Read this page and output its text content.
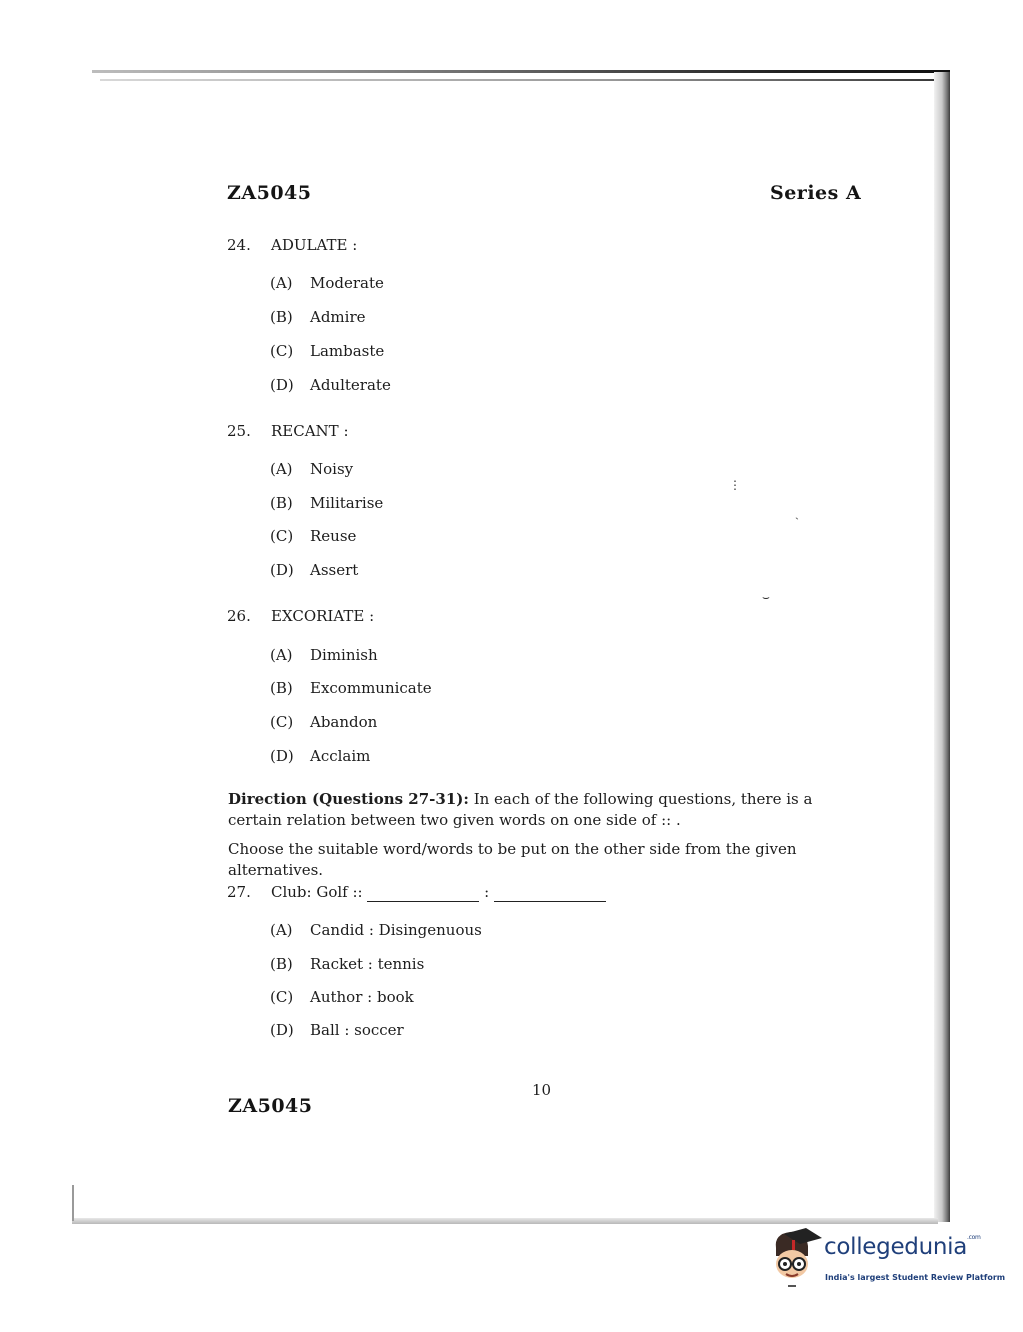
⋮
ˎ
⌣
ZA5045	Series A
24. ADULATE :
(A) Moderate
(B) Admire
(C) Lambaste
(D) Adulterate
25. RECANT :
(A) Noisy
(B) Militarise
(C) Reuse
(D) Assert
26. EXCORIATE :
(A) Diminish
(B) Excommunicate
(C) Abandon
(D) Acclaim
Direction (Questions 27-31): In each of the following questions, there is a certain relation between two given words on one side of :: .
Choose the suitable word/words to be put on the other side from the given alternatives.
27. Club: Golf ::	:
(A) Candid : Disingenuous
(B) Racket : tennis
(C) Author : book
(D) Ball : soccer
10
ZA5045
collegedunia$^{.com}$
India's largest Student Review Platform
